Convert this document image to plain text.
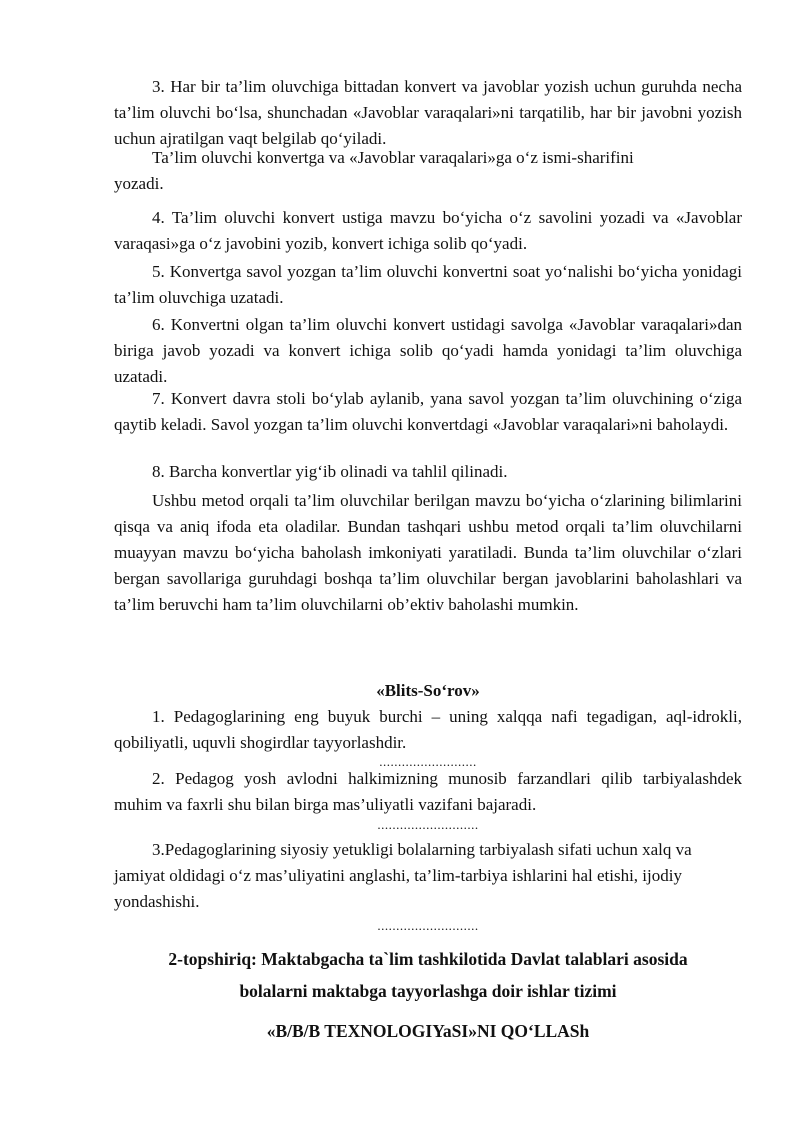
3. Har bir ta’lim oluvchiga bittadan konvert va javoblar yozish uchun guruhda necha ta’lim oluvchi bo‘lsa, shunchadan «Javoblar varaqalari»ni tarqatilib, har bir javobni yozish uchun ajratilgan vaqt belgilab qo‘yiladi.

Ta’lim oluvchi konvertga va «Javoblar varaqalari»ga o‘z ismi-sharifini yozadi.

4. Ta’lim oluvchi konvert ustiga mavzu bo‘yicha o‘z savolini yozadi va «Javoblar varaqasi»ga o‘z javobini yozib, konvert ichiga solib qo‘yadi.

5. Konvertga savol yozgan ta’lim oluvchi konvertni soat yo‘nalishi bo‘yicha yonidagi ta’lim oluvchiga uzatadi.

6. Konvertni olgan ta’lim oluvchi konvert ustidagi savolga «Javoblar varaqalari»dan biriga javob yozadi va konvert ichiga solib qo‘yadi hamda yonidagi ta’lim oluvchiga uzatadi.

7. Konvert davra stoli bo‘ylab aylanib, yana savol yozgan ta’lim oluvchining o‘ziga qaytib keladi. Savol yozgan ta’lim oluvchi konvertdagi «Javoblar varaqalari»ni baholaydi.

8. Barcha konvertlar yig‘ib olinadi va tahlil qilinadi.

Ushbu metod orqali ta’lim oluvchilar berilgan mavzu bo‘yicha o‘zlarining bilimlarini qisqa va aniq ifoda eta oladilar. Bundan tashqari ushbu metod orqali ta’lim oluvchilarni muayyan mavzu bo‘yicha baholash imkoniyati yaratiladi. Bunda ta’lim oluvchilar o‘zlari bergan savollariga guruhdagi boshqa ta’lim oluvchilar bergan javoblarini baholashlari va ta’lim beruvchi ham ta’lim oluvchilarni ob’ektiv baholashi mumkin.

«Blits-So‘rov»

1. Pedagoglarining eng buyuk burchi – uning xalqqa nafi tegadigan, aql-idrokli, qobiliyatli, uquvli shogirdlar tayyorlashdir.

..........................

2. Pedagog yosh avlodni halkimizning munosib farzandlari qilib tarbiyalashdek muhim va faxrli shu bilan birga mas’uliyatli vazifani bajaradi.

...........................

3.Pedagoglarining siyosiy yetukligi bolalarning tarbiyalash sifati uchun xalq va jamiyat oldidagi o‘z mas’uliyatini anglashi, ta’lim-tarbiya ishlarini hal etishi, ijodiy yondashishi.

...........................

2-topshiriq: Maktabgacha ta`lim tashkilotida Davlat talablari asosida

bolalarni maktabga tayyorlashga doir ishlar tizimi

«B/B/B TEXNOLOGIYaSI»NI QO‘LLASh
